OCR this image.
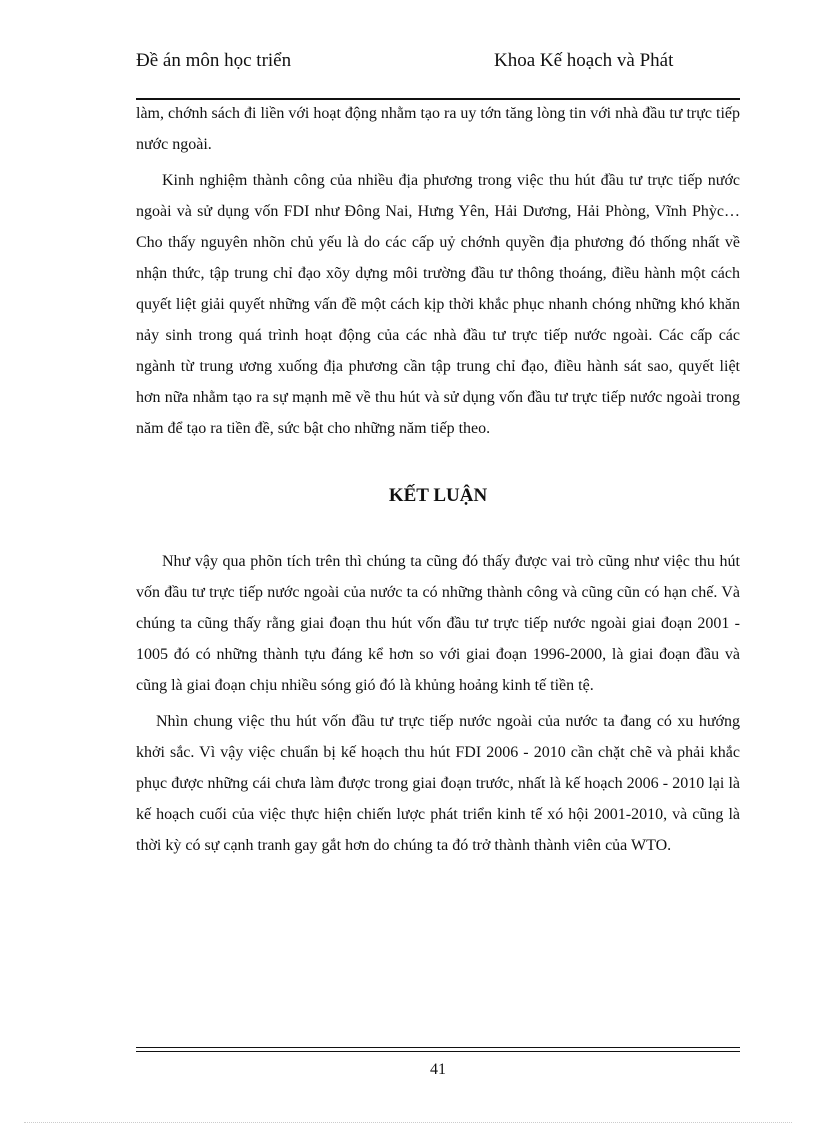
Đề án môn học triển	Khoa Kế hoạch và Phát

làm, chớnh sách đi liền với hoạt động nhằm tạo ra uy tớn tăng lòng tin với nhà đầu tư trực tiếp nước ngoài.

Kinh nghiệm thành công của nhiều địa phương trong việc thu hút đầu tư trực tiếp nước ngoài và sử dụng vốn FDI như Đông Nai, Hưng Yên, Hải Dương, Hải Phòng, Vĩnh Phỳc…Cho thấy nguyên nhõn chủ yếu là do các cấp uỷ chớnh quyền địa phương đó thống nhất về nhận thức, tập trung chỉ đạo xõy dựng môi trường đầu tư thông thoáng, điều hành một cách quyết liệt giải quyết những vấn đề một cách kịp thời khắc phục nhanh chóng những khó khăn nảy sinh trong quá trình hoạt động của các nhà đầu tư trực tiếp nước ngoài. Các cấp các ngành từ trung ương xuống địa phương cần tập trung chỉ đạo, điều hành sát sao, quyết liệt hơn nữa nhằm tạo ra sự mạnh mẽ về thu hút và sử dụng vốn đầu tư trực tiếp nước ngoài trong năm để tạo ra tiền đề, sức bật cho những năm tiếp theo.

KẾT LUẬN

Như vậy qua phõn tích trên thì chúng ta cũng đó thấy được vai trò cũng như việc thu hút vốn đầu tư trực tiếp nước ngoài của nước ta có những thành công và cũng cũn có hạn chế. Và chúng ta cũng thấy rằng giai đoạn thu hút vốn đầu tư trực tiếp nước ngoài giai đoạn 2001 - 1005 đó có những thành tựu đáng kể hơn so với giai đoạn 1996-2000, là giai đoạn đầu và cũng là giai đoạn chịu nhiều sóng gió đó là khủng hoảng kinh tế tiền tệ.

Nhìn chung việc thu hút vốn đầu tư trực tiếp nước ngoài của nước ta đang có xu hướng khởi sắc. Vì vậy việc chuẩn bị kế hoạch thu hút FDI 2006 - 2010 cần chặt chẽ và phải khắc phục được những cái chưa làm được trong giai đoạn trước, nhất là kế hoạch 2006 - 2010 lại là kế hoạch cuối của việc thực hiện chiến lược phát triển kinh tế xó hội 2001-2010, và cũng là thời kỳ có sự cạnh tranh gay gắt hơn do chúng ta đó trở thành thành viên của WTO.

41
